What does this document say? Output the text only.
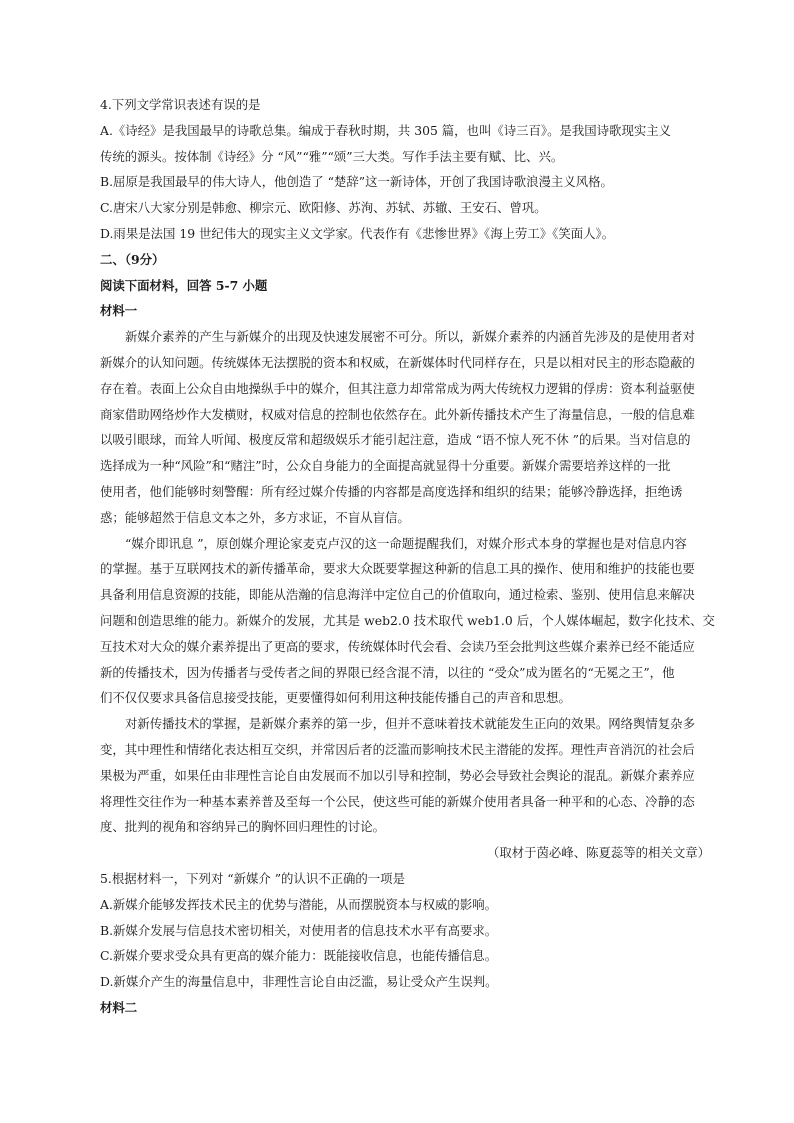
4.下列文学常识表述有误的是

A.《诗经》是我国最早的诗歌总集。编成于春秋时期，共 305 篇，也叫《诗三百》。是我国诗歌现实主义

传统的源头。按体制《诗经》分 “风”“雅”“颂”三大类。写作手法主要有赋、比、兴。

B.屈原是我国最早的伟大诗人，他创造了 “楚辞”这一新诗体，开创了我国诗歌浪漫主义风格。

C.唐宋八大家分别是韩愈、柳宗元、欧阳修、苏洵、苏轼、苏辙、王安石、曾巩。

D.雨果是法国 19 世纪伟大的现实主义文学家。代表作有《悲惨世界》《海上劳工》《笑面人》。

二、（9分）

阅读下面材料，回答 5-7 小题

材料一

新媒介素养的产生与新媒介的出现及快速发展密不可分。所以，新媒介素养的内涵首先涉及的是使用者对

新媒介的认知问题。传统媒体无法摆脱的资本和权威，在新媒体时代同样存在，只是以相对民主的形态隐蔽的

存在着。表面上公众自由地操纵手中的媒介，但其注意力却常常成为两大传统权力逻辑的俘虏：资本利益驱使

商家借助网络炒作大发横财，权威对信息的控制也依然存在。此外新传播技术产生了海量信息，一般的信息难

以吸引眼球，而耸人听闻、极度反常和超级娱乐才能引起注意，造成 “语不惊人死不休 ”的后果。当对信息的

选择成为一种“风险”和“赌注”时，公众自身能力的全面提高就显得十分重要。新媒介需要培养这样的一批

使用者，他们能够时刻警醒：所有经过媒介传播的内容都是高度选择和组织的结果；能够冷静选择，拒绝诱

惑；能够超然于信息文本之外，多方求证，不盲从盲信。

“媒介即讯息 ”，原创媒介理论家麦克卢汉的这一命题提醒我们，对媒介形式本身的掌握也是对信息内容

的掌握。基于互联网技术的新传播革命，要求大众既要掌握这种新的信息工具的操作、使用和维护的技能也要

具备利用信息资源的技能，即能从浩瀚的信息海洋中定位自己的价值取向，通过检索、鉴别、使用信息来解决

问题和创造思维的能力。新媒介的发展，尤其是 web2.0 技术取代 web1.0 后，个人媒体崛起，数字化技术、交

互技术对大众的媒介素养提出了更高的要求，传统媒体时代会看、会读乃至会批判这些媒介素养已经不能适应

新的传播技术，因为传播者与受传者之间的界限已经含混不清，以往的 “受众”成为匿名的“无冕之王”，他

们不仅仅要求具备信息接受技能，更要懂得如何利用这种技能传播自己的声音和思想。

对新传播技术的掌握，是新媒介素养的第一步，但并不意味着技术就能发生正向的效果。网络舆情复杂多

变，其中理性和情绪化表达相互交织，并常因后者的泛滥而影响技术民主潜能的发挥。理性声音消沉的社会后

果极为严重，如果任由非理性言论自由发展而不加以引导和控制，势必会导致社会舆论的混乱。新媒介素养应

将理性交往作为一种基本素养普及至每一个公民，使这些可能的新媒介使用者具备一种平和的心态、冷静的态

度、批判的视角和容纳异己的胸怀回归理性的讨论。

（取材于茵必峰、陈夏蕊等的相关文章）

5.根据材料一，下列对 “新媒介 ”的认识不正确的一项是

A.新媒介能够发挥技术民主的优势与潜能，从而摆脱资本与权威的影响。

B.新媒介发展与信息技术密切相关，对使用者的信息技术水平有高要求。

C.新媒介要求受众具有更高的媒介能力：既能接收信息，也能传播信息。

D.新媒介产生的海量信息中，非理性言论自由泛滥，易让受众产生误判。

材料二
